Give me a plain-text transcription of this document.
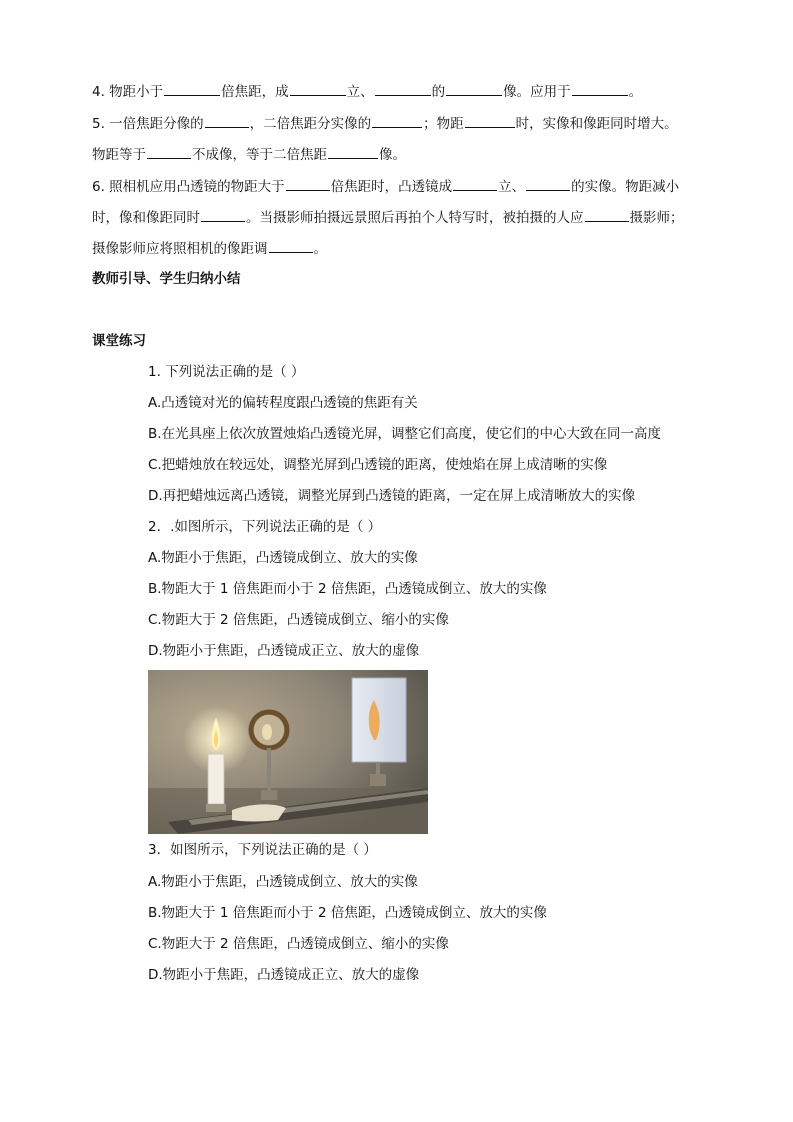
4. 物距小于	倍焦距，成	立、	的	像。应用于	。
5. 一倍焦距分像的	，二倍焦距分实像的	；物距	时，实像和像距同时增大。
物距等于	不成像，等于二倍焦距	像。
6. 照相机应用凸透镜的物距大于	倍焦距时，凸透镜成	立、	的实像。物距减小
时，像和像距同时	。当摄影师拍摄远景照后再拍个人特写时，被拍摄的人应	摄影师；
摄像影师应将照相机的像距调	。
教师引导、学生归纳小结
课堂练习
1. 下列说法正确的是（ ）
A.凸透镜对光的偏转程度跟凸透镜的焦距有关
B.在光具座上依次放置烛焰凸透镜光屏，调整它们高度，使它们的中心大致在同一高度
C.把蜡烛放在较远处，调整光屏到凸透镜的距离，使烛焰在屏上成清晰的实像
D.再把蜡烛远离凸透镜，调整光屏到凸透镜的距离，一定在屏上成清晰放大的实像
2．.如图所示，下列说法正确的是（ ）
A.物距小于焦距，凸透镜成倒立、放大的实像
B.物距大于 1 倍焦距而小于 2 倍焦距，凸透镜成倒立、放大的实像
C.物距大于 2 倍焦距，凸透镜成倒立、缩小的实像
D.物距小于焦距，凸透镜成正立、放大的虚像
3．如图所示，下列说法正确的是（ ）
A.物距小于焦距，凸透镜成倒立、放大的实像
B.物距大于 1 倍焦距而小于 2 倍焦距，凸透镜成倒立、放大的实像
C.物距大于 2 倍焦距，凸透镜成倒立、缩小的实像
D.物距小于焦距，凸透镜成正立、放大的虚像
